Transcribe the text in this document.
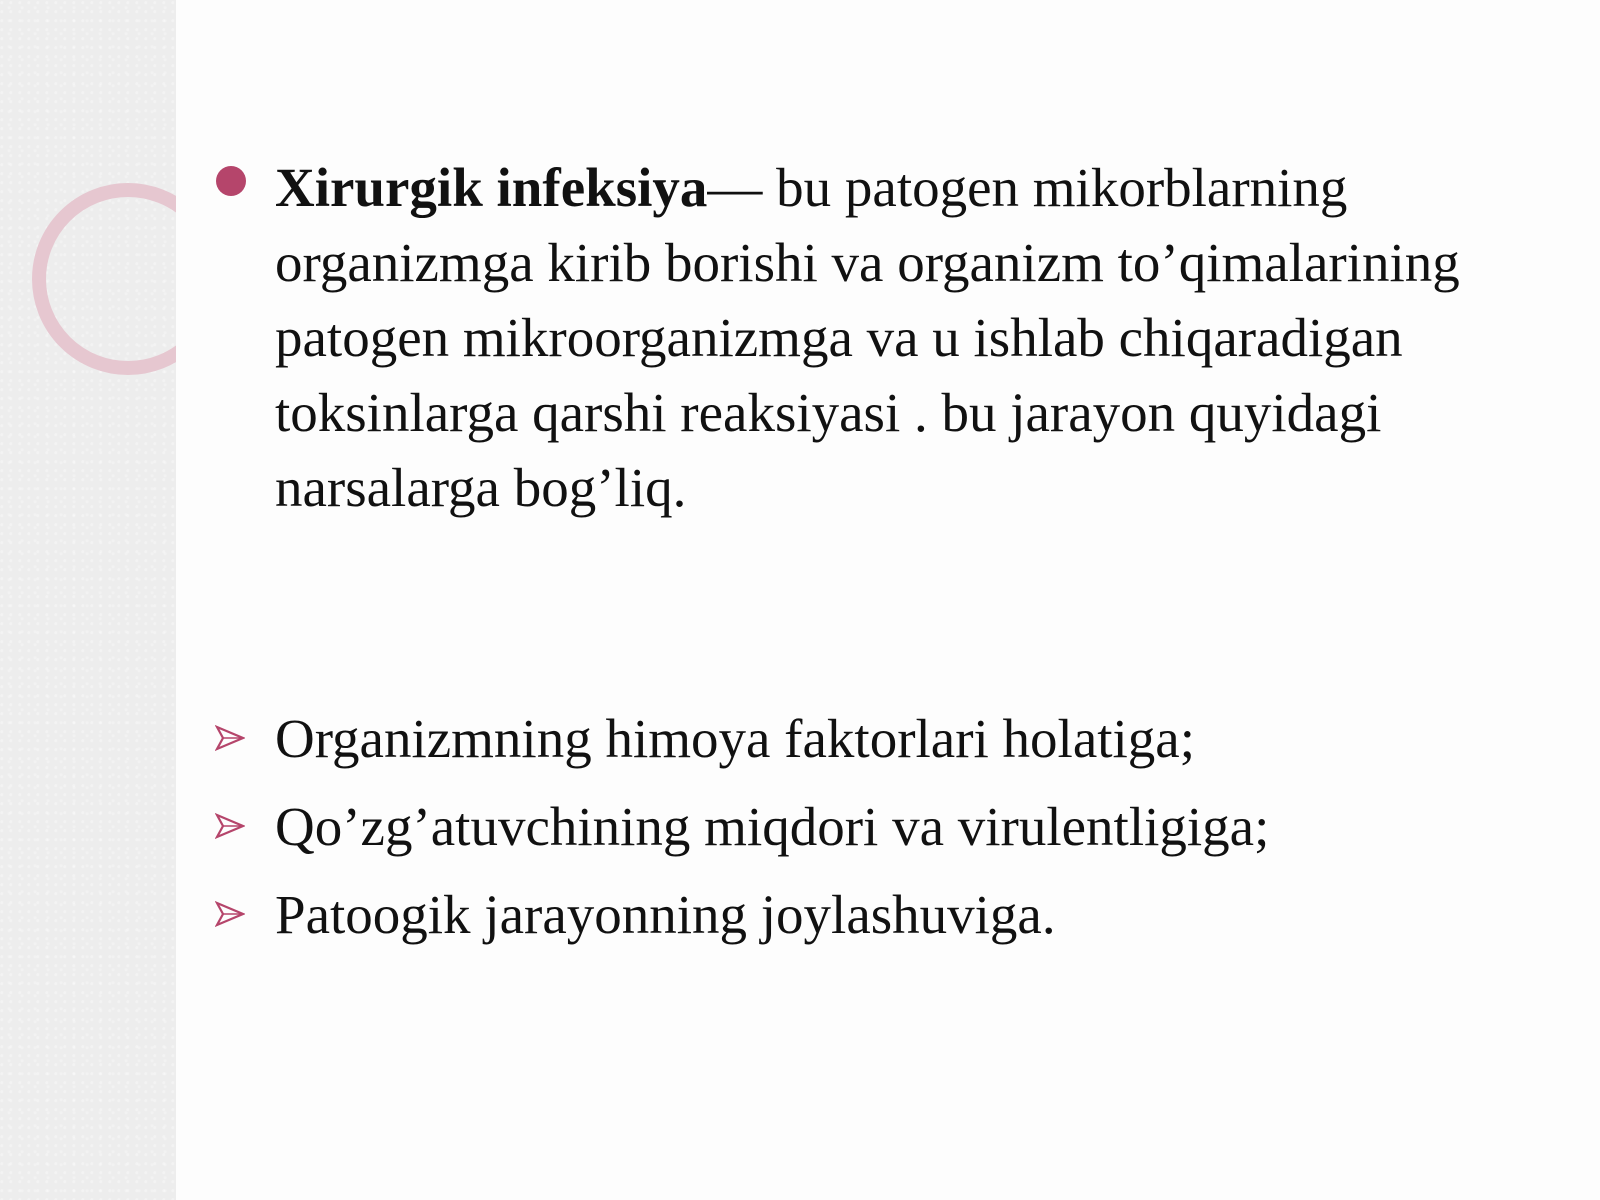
Xirurgik infeksiya— bu patogen mikorblarning organizmga kirib borishi va organizm to’qimalarining patogen mikroorganizmga va u ishlab chiqaradigan toksinlarga qarshi reaksiyasi . bu jarayon quyidagi narsalarga bog’liq.
Organizmning himoya faktorlari holatiga;
Qo’zg’atuvchining miqdori va virulentligiga;
Patoogik jarayonning joylashuviga.
